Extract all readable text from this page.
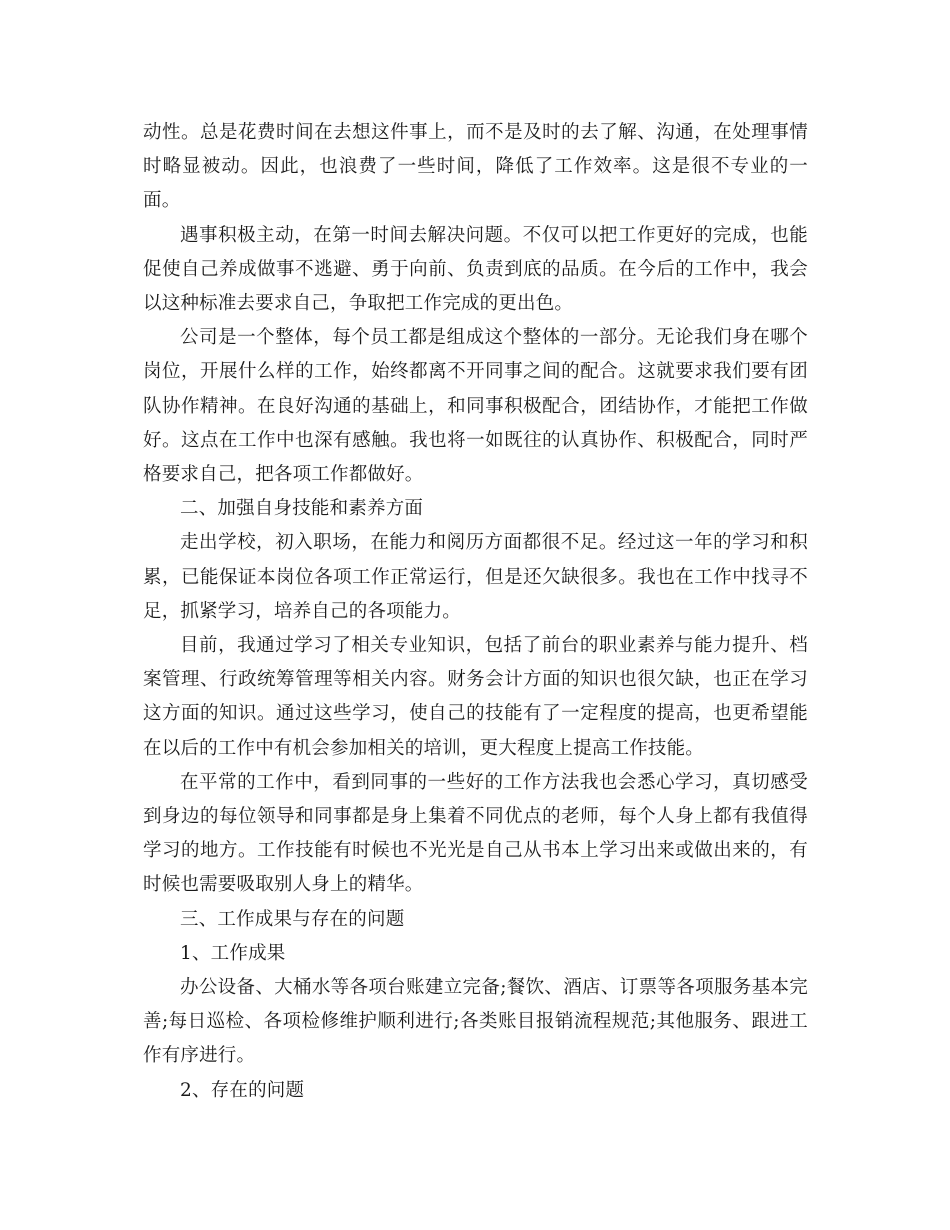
动性。总是花费时间在去想这件事上，而不是及时的去了解、沟通，在处理事情时略显被动。因此，也浪费了一些时间，降低了工作效率。这是很不专业的一面。

遇事积极主动，在第一时间去解决问题。不仅可以把工作更好的完成，也能促使自己养成做事不逃避、勇于向前、负责到底的品质。在今后的工作中，我会以这种标准去要求自己，争取把工作完成的更出色。

公司是一个整体，每个员工都是组成这个整体的一部分。无论我们身在哪个岗位，开展什么样的工作，始终都离不开同事之间的配合。这就要求我们要有团队协作精神。在良好沟通的基础上，和同事积极配合，团结协作，才能把工作做好。这点在工作中也深有感触。我也将一如既往的认真协作、积极配合，同时严格要求自己，把各项工作都做好。

二、加强自身技能和素养方面

走出学校，初入职场，在能力和阅历方面都很不足。经过这一年的学习和积累，已能保证本岗位各项工作正常运行，但是还欠缺很多。我也在工作中找寻不足，抓紧学习，培养自己的各项能力。

目前，我通过学习了相关专业知识，包括了前台的职业素养与能力提升、档案管理、行政统筹管理等相关内容。财务会计方面的知识也很欠缺，也正在学习这方面的知识。通过这些学习，使自己的技能有了一定程度的提高，也更希望能在以后的工作中有机会参加相关的培训，更大程度上提高工作技能。

在平常的工作中，看到同事的一些好的工作方法我也会悉心学习，真切感受到身边的每位领导和同事都是身上集着不同优点的老师，每个人身上都有我值得学习的地方。工作技能有时候也不光光是自己从书本上学习出来或做出来的，有时候也需要吸取别人身上的精华。

三、工作成果与存在的问题

1、工作成果

办公设备、大桶水等各项台账建立完备;餐饮、酒店、订票等各项服务基本完善;每日巡检、各项检修维护顺利进行;各类账目报销流程规范;其他服务、跟进工作有序进行。

2、存在的问题
